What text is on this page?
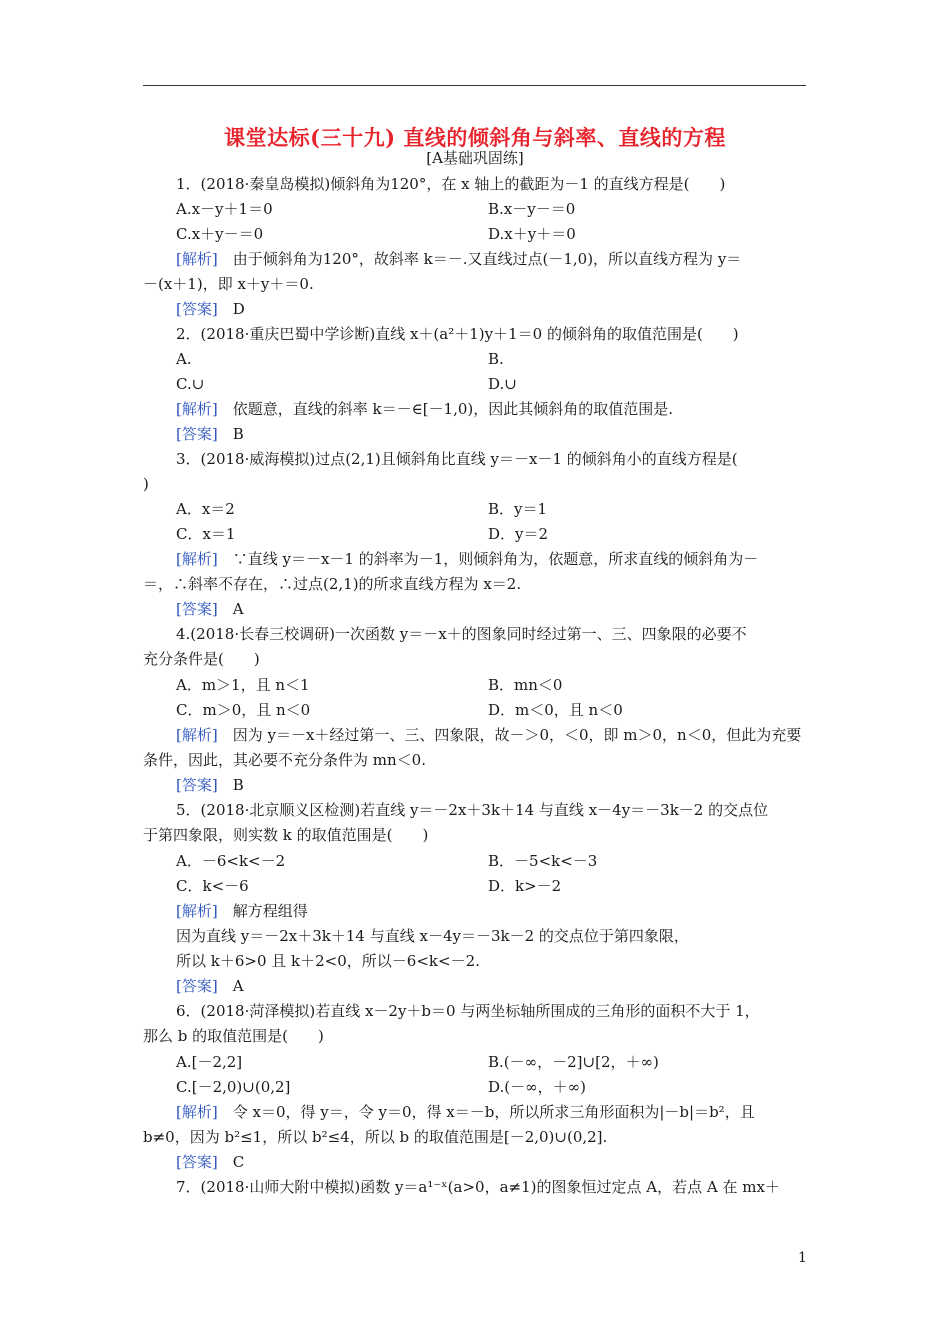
课堂达标(三十九) 直线的倾斜角与斜率、直线的方程
[A基础巩固练]
1．(2018·秦皇岛模拟)倾斜角为120°，在 x 轴上的截距为－1 的直线方程是(　　)
A.x－y＋1＝0	B.x－y－＝0
C.x＋y－＝0	D.x＋y＋＝0
[解析]　 由于倾斜角为120°，故斜率 k＝－.又直线过点(－1,0)，所以直线方程为 y＝
－(x＋1)，即 x＋y＋＝0.
[答案]　 D
2．(2018·重庆巴蜀中学诊断)直线 x＋(a²＋1)y＋1＝0 的倾斜角的取值范围是(　　)
A.	B.
C.∪	D.∪
[解析]　 依题意，直线的斜率 k＝－∈[－1,0)，因此其倾斜角的取值范围是.
[答案]　 B
3．(2018·威海模拟)过点(2,1)且倾斜角比直线 y＝－x－1 的倾斜角小的直线方程是(
)
A．x＝2	B．y＝1
C．x＝1	D．y＝2
[解析]　 ∵直线 y＝－x－1 的斜率为－1，则倾斜角为，依题意，所求直线的倾斜角为－
＝，∴斜率不存在，∴过点(2,1)的所求直线方程为 x＝2.
[答案]　 A
4.(2018·长春三校调研)一次函数 y＝－x＋的图象同时经过第一、三、四象限的必要不
充分条件是(　　)
A．m＞1，且 n＜1	B．mn＜0
C．m＞0，且 n＜0	D．m＜0，且 n＜0
[解析]　 因为 y＝－x＋经过第一、三、四象限，故－＞0，＜0，即 m＞0，n＜0，但此为充要
条件，因此，其必要不充分条件为 mn＜0.
[答案]　 B
5．(2018·北京顺义区检测)若直线 y＝－2x＋3k＋14 与直线 x－4y＝－3k－2 的交点位
于第四象限，则实数 k 的取值范围是(　　)
A．－6<k<－2	B．－5<k<－3
C．k<－6	D．k>－2
[解析]　 解方程组得
因为直线 y＝－2x＋3k＋14 与直线 x－4y＝－3k－2 的交点位于第四象限，
所以 k＋6>0 且 k＋2<0，所以－6<k<－2.
[答案]　 A
6．(2018·菏泽模拟)若直线 x－2y＋b＝0 与两坐标轴所围成的三角形的面积不大于 1，
那么 b 的取值范围是(　　)
A.[－2,2]	B.(－∞，－2]∪[2，＋∞)
C.[－2,0)∪(0,2]	D.(－∞，＋∞)
[解析]　 令 x＝0，得 y＝，令 y＝0，得 x＝－b，所以所求三角形面积为|－b|＝b²，且
b≠0，因为 b²≤1，所以 b²≤4，所以 b 的取值范围是[－2,0)∪(0,2].
[答案]　 C
7．(2018·山师大附中模拟)函数 y＝a¹⁻ˣ(a>0，a≠1)的图象恒过定点 A，若点 A 在 mx＋
1
